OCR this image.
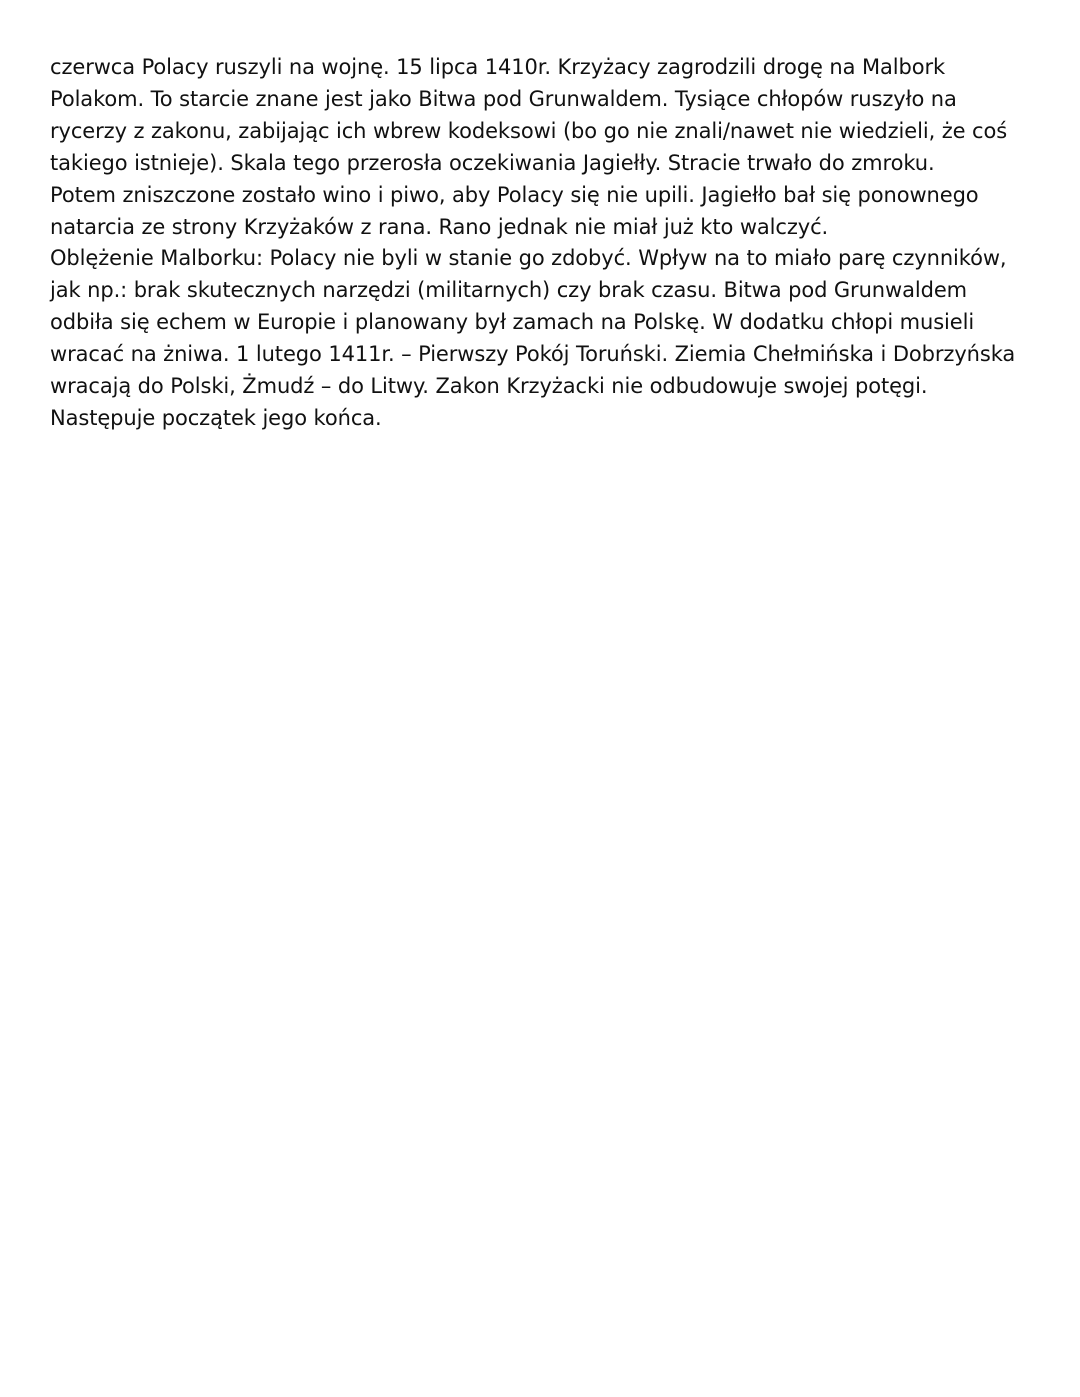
czerwca Polacy ruszyli na wojnę. 15 lipca 1410r. Krzyżacy zagrodzili drogę na Malbork
Polakom. To starcie znane jest jako Bitwa pod Grunwaldem. Tysiące chłopów ruszyło na
rycerzy z zakonu, zabijając ich wbrew kodeksowi (bo go nie znali/nawet nie wiedzieli, że coś
takiego istnieje). Skala tego przerosła oczekiwania Jagiełły. Stracie trwało do zmroku.
Potem zniszczone zostało wino i piwo, aby Polacy się nie upili. Jagiełło bał się ponownego
natarcia ze strony Krzyżaków z rana. Rano jednak nie miał już kto walczyć.
Oblężenie Malborku: Polacy nie byli w stanie go zdobyć. Wpływ na to miało parę czynników,
jak np.: brak skutecznych narzędzi (militarnych) czy brak czasu. Bitwa pod Grunwaldem
odbiła się echem w Europie i planowany był zamach na Polskę. W dodatku chłopi musieli
wracać na żniwa. 1 lutego 1411r. – Pierwszy Pokój Toruński. Ziemia Chełmińska i Dobrzyńska
wracają do Polski, Żmudź – do Litwy. Zakon Krzyżacki nie odbudowuje swojej potęgi.
Następuje początek jego końca.
